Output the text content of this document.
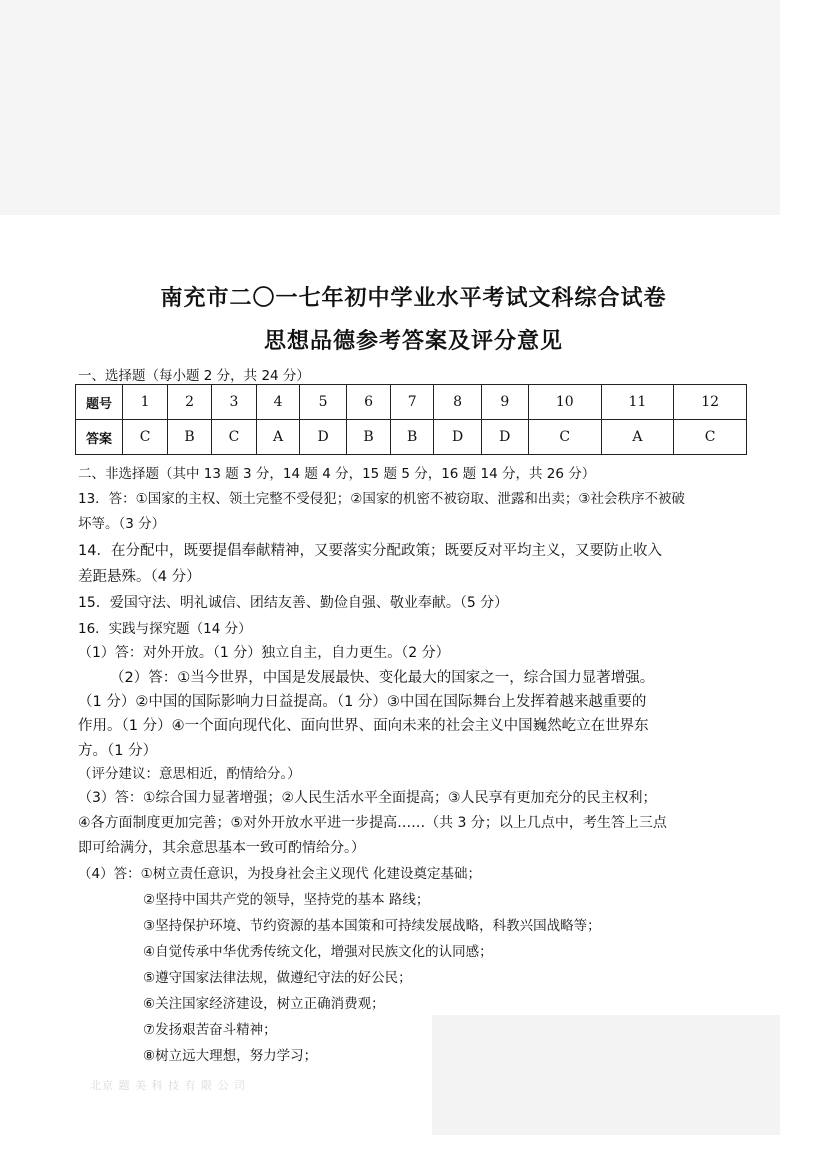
南充市二〇一七年初中学业水平考试文科综合试卷
思想品德参考答案及评分意见
一、选择题（每小题 2 分，共 24 分）
题号	1	2	3	4	5	6	7	8	9	10	11	12
答案	C	B	C	A	D	B	B	D	D	C	A	C
二、非选择题（其中 13 题 3 分，14 题 4 分，15 题 5 分，16 题 14 分，共 26 分）
13．答：①国家的主权、领土完整不受侵犯；②国家的机密不被窃取、泄露和出卖；③社会秩序不被破
坏等。（3 分）
14．在分配中，既要提倡奉献精神，又要落实分配政策；既要反对平均主义，又要防止收入
差距悬殊。（4 分）
15．爱国守法、明礼诚信、团结友善、勤俭自强、敬业奉献。（5 分）
16．实践与探究题（14 分）
（1）答：对外开放。（1 分）独立自主，自力更生。（2 分）
（2）答：①当今世界，中国是发展最快、变化最大的国家之一，综合国力显著增强。
（1 分）②中国的国际影响力日益提高。（1 分）③中国在国际舞台上发挥着越来越重要的
作用。（1 分）④一个面向现代化、面向世界、面向未来的社会主义中国巍然屹立在世界东
方。（1 分）
（评分建议：意思相近，酌情给分。）
（3）答：①综合国力显著增强；②人民生活水平全面提高；③人民享有更加充分的民主权利；
④各方面制度更加完善；⑤对外开放水平进一步提高……（共 3 分；以上几点中，考生答上三点
即可给满分，其余意思基本一致可酌情给分。）
（4）答：①树立责任意识，为投身社会主义现代 化建设奠定基础；
②坚持中国共产党的领导，坚持党的基本 路线；
③坚持保护环境、节约资源的基本国策和可持续发展战略，科教兴国战略等；
④自觉传承中华优秀传统文化，增强对民族文化的认同感；
⑤遵守国家法律法规，做遵纪守法的好公民；
⑥关注国家经济建设，树立正确消费观；
⑦发扬艰苦奋斗精神；
⑧树立远大理想，努力学习；
北京 题 美 科 技 有 限 公 司
